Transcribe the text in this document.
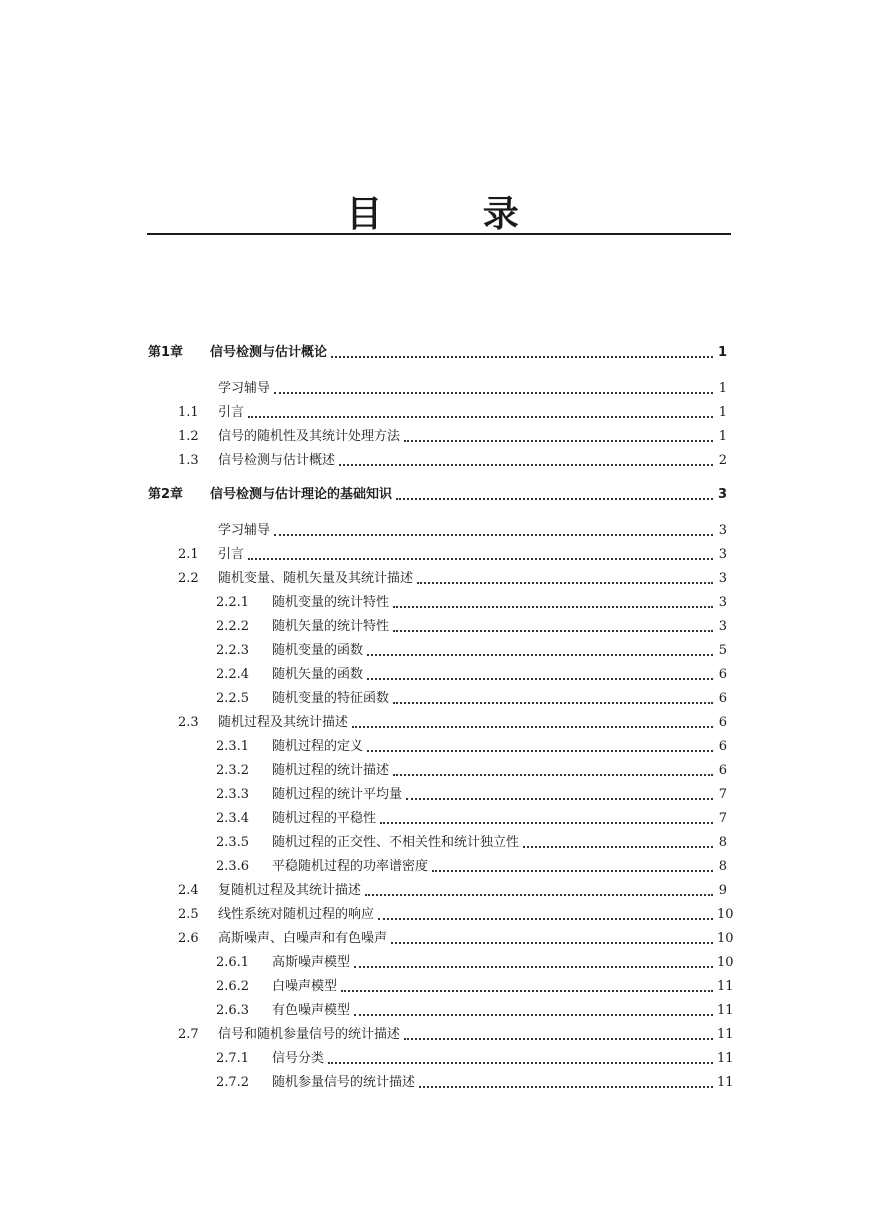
目 录
第1章	信号检测与估计概论	1
学习辅导	1
1.1	引言	1
1.2	信号的随机性及其统计处理方法	1
1.3	信号检测与估计概述	2
第2章	信号检测与估计理论的基础知识	3
学习辅导	3
2.1	引言	3
2.2	随机变量、随机矢量及其统计描述	3
2.2.1	随机变量的统计特性	3
2.2.2	随机矢量的统计特性	3
2.2.3	随机变量的函数	5
2.2.4	随机矢量的函数	6
2.2.5	随机变量的特征函数	6
2.3	随机过程及其统计描述	6
2.3.1	随机过程的定义	6
2.3.2	随机过程的统计描述	6
2.3.3	随机过程的统计平均量	7
2.3.4	随机过程的平稳性	7
2.3.5	随机过程的正交性、不相关性和统计独立性	8
2.3.6	平稳随机过程的功率谱密度	8
2.4	复随机过程及其统计描述	9
2.5	线性系统对随机过程的响应	10
2.6	高斯噪声、白噪声和有色噪声	10
2.6.1	高斯噪声模型	10
2.6.2	白噪声模型	11
2.6.3	有色噪声模型	11
2.7	信号和随机参量信号的统计描述	11
2.7.1	信号分类	11
2.7.2	随机参量信号的统计描述	11
